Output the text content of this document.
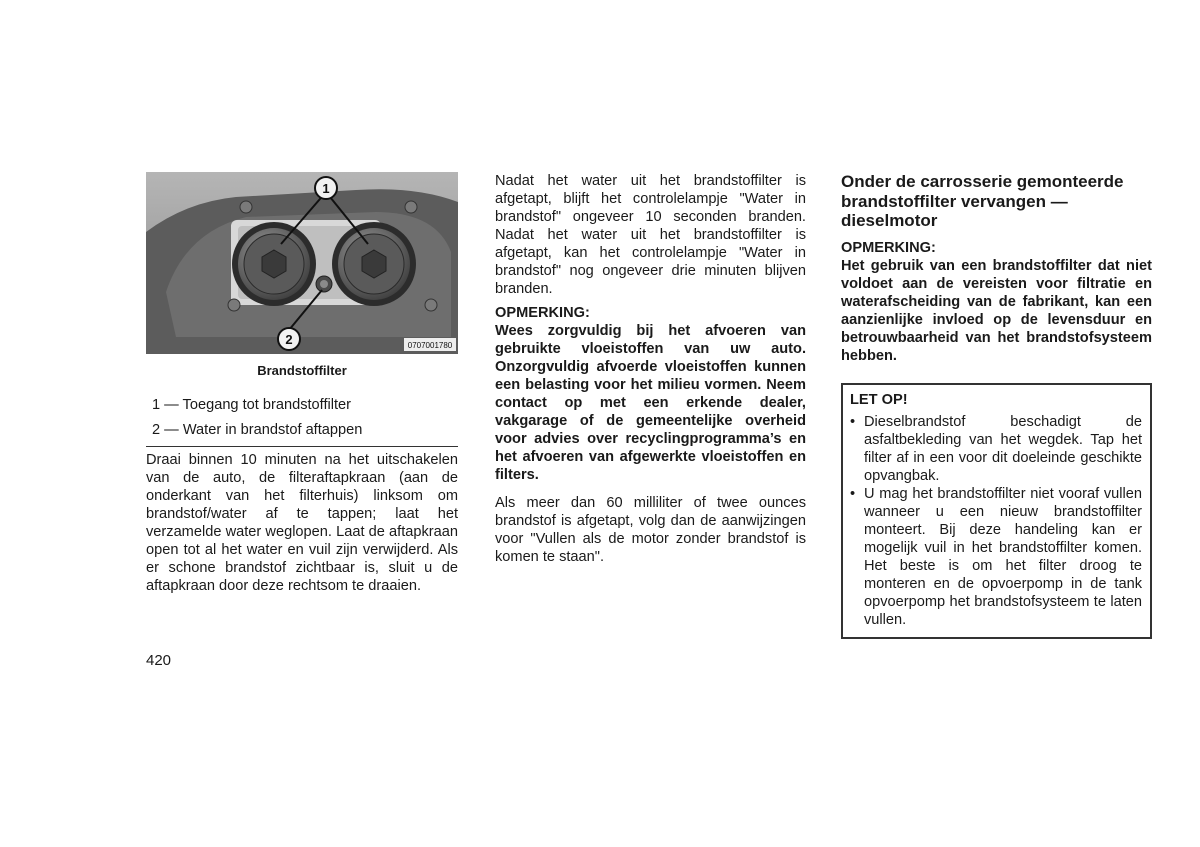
1
2	0707001780
Brandstoffilter
1 — Toegang tot brandstoffilter
2 — Water in brandstof aftappen
Draai binnen 10 minuten na het uitschakelen van de auto, de filteraftapkraan (aan de onderkant van het filterhuis) linksom om brandstof/water af te tappen; laat het verzamelde water weglopen. Laat de aftapkraan open tot al het water en vuil zijn verwijderd. Als er schone brandstof zichtbaar is, sluit u de aftapkraan door deze rechtsom te draaien.
Nadat het water uit het brandstoffilter is afgetapt, blijft het controlelampje "Water in brandstof" ongeveer 10 seconden branden. Nadat het water uit het brandstoffilter is afgetapt, kan het controlelampje "Water in brandstof" nog ongeveer drie minuten blijven branden.
OPMERKING:
Wees zorgvuldig bij het afvoeren van gebruikte vloeistoffen van uw auto. Onzorgvuldig afvoerde vloeistoffen kunnen een belasting voor het milieu vormen. Neem contact op met een erkende dealer, vakgarage of de gemeentelijke overheid voor advies over recyclingprogramma’s en het afvoeren van afgewerkte vloeistoffen en filters.
Als meer dan 60 milliliter of twee ounces brandstof is afgetapt, volg dan de aanwijzingen voor "Vullen als de motor zonder brandstof is komen te staan".
Onder de carrosserie gemonteerde brandstoffilter vervangen —dieselmotor
OPMERKING:
Het gebruik van een brandstoffilter dat niet voldoet aan de vereisten voor filtratie en waterafscheiding van de fabrikant, kan een aanzienlijke invloed op de levensduur en betrouwbaarheid van het brandstofsysteem hebben.
LET OP!
• Dieselbrandstof beschadigt de asfaltbekleding van het wegdek. Tap het filter af in een voor dit doeleinde geschikte opvangbak.
• U mag het brandstoffilter niet vooraf vullen wanneer u een nieuw brandstoffilter monteert. Bij deze handeling kan er mogelijk vuil in het brandstoffilter komen. Het beste is om het filter droog te monteren en de opvoerpomp in de tank opvoerpomp het brandstofsysteem te laten vullen.
420
